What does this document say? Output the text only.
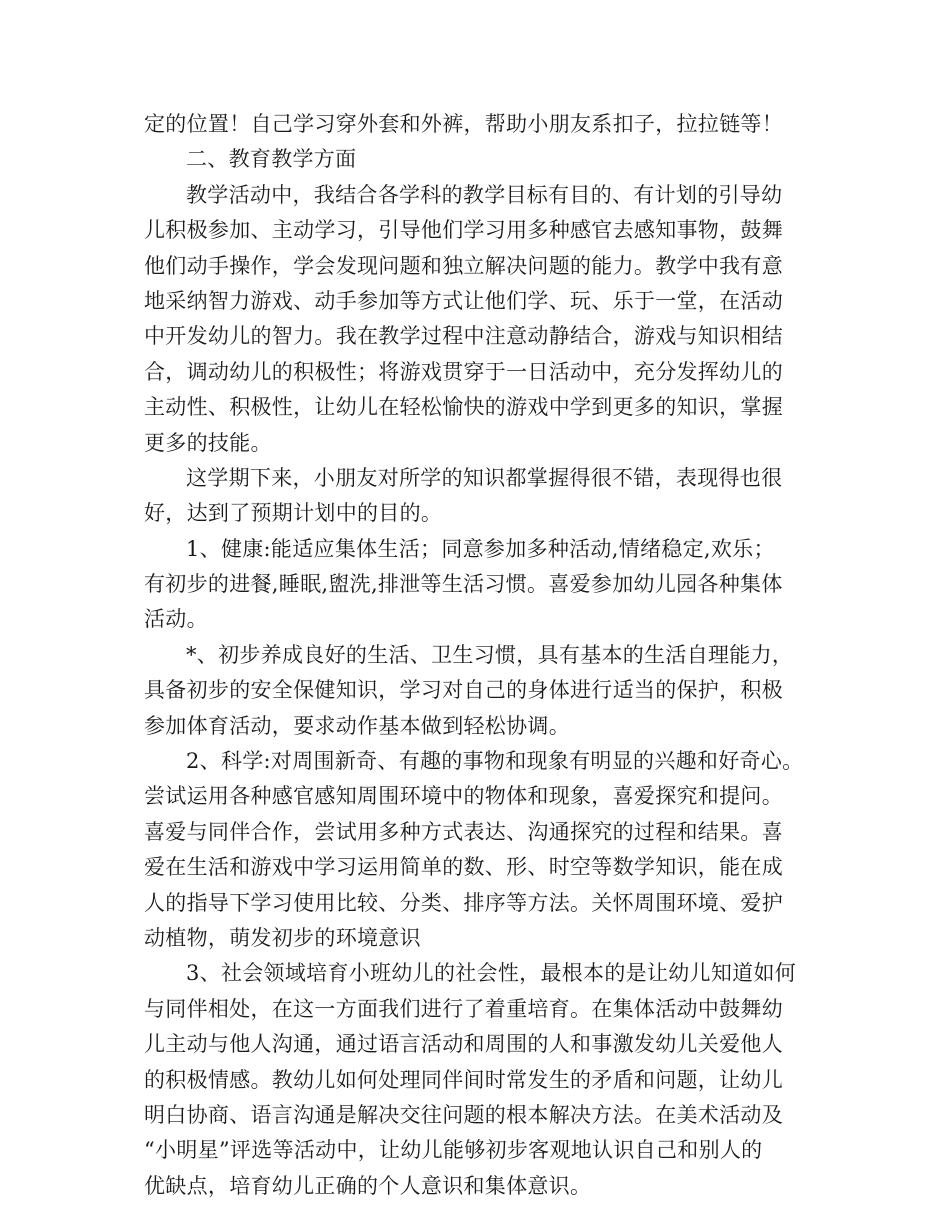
定的位置！自己学习穿外套和外裤，帮助小朋友系扣子，拉拉链等！
二、教育教学方面
教学活动中，我结合各学科的教学目标有目的、有计划的引导幼
儿积极参加、主动学习，引导他们学习用多种感官去感知事物，鼓舞
他们动手操作，学会发现问题和独立解决问题的能力。教学中我有意
地采纳智力游戏、动手参加等方式让他们学、玩、乐于一堂，在活动
中开发幼儿的智力。我在教学过程中注意动静结合，游戏与知识相结
合，调动幼儿的积极性；将游戏贯穿于一日活动中，充分发挥幼儿的
主动性、积极性，让幼儿在轻松愉快的游戏中学到更多的知识，掌握
更多的技能。
这学期下来，小朋友对所学的知识都掌握得很不错，表现得也很
好，达到了预期计划中的目的。
1、健康:能适应集体生活；同意参加多种活动,情绪稳定,欢乐；
有初步的进餐,睡眠,盥洗,排泄等生活习惯。喜爱参加幼儿园各种集体
活动。
*、初步养成良好的生活、卫生习惯，具有基本的生活自理能力，
具备初步的安全保健知识，学习对自己的身体进行适当的保护，积极
参加体育活动，要求动作基本做到轻松协调。
2、科学:对周围新奇、有趣的事物和现象有明显的兴趣和好奇心。
尝试运用各种感官感知周围环境中的物体和现象，喜爱探究和提问。
喜爱与同伴合作，尝试用多种方式表达、沟通探究的过程和结果。喜
爱在生活和游戏中学习运用简单的数、形、时空等数学知识，能在成
人的指导下学习使用比较、分类、排序等方法。关怀周围环境、爱护
动植物，萌发初步的环境意识
3、社会领域培育小班幼儿的社会性，最根本的是让幼儿知道如何
与同伴相处，在这一方面我们进行了着重培育。在集体活动中鼓舞幼
儿主动与他人沟通，通过语言活动和周围的人和事激发幼儿关爱他人
的积极情感。教幼儿如何处理同伴间时常发生的矛盾和问题，让幼儿
明白协商、语言沟通是解决交往问题的根本解决方法。在美术活动及
“小明星”评选等活动中，让幼儿能够初步客观地认识自己和别人的
优缺点，培育幼儿正确的个人意识和集体意识。
